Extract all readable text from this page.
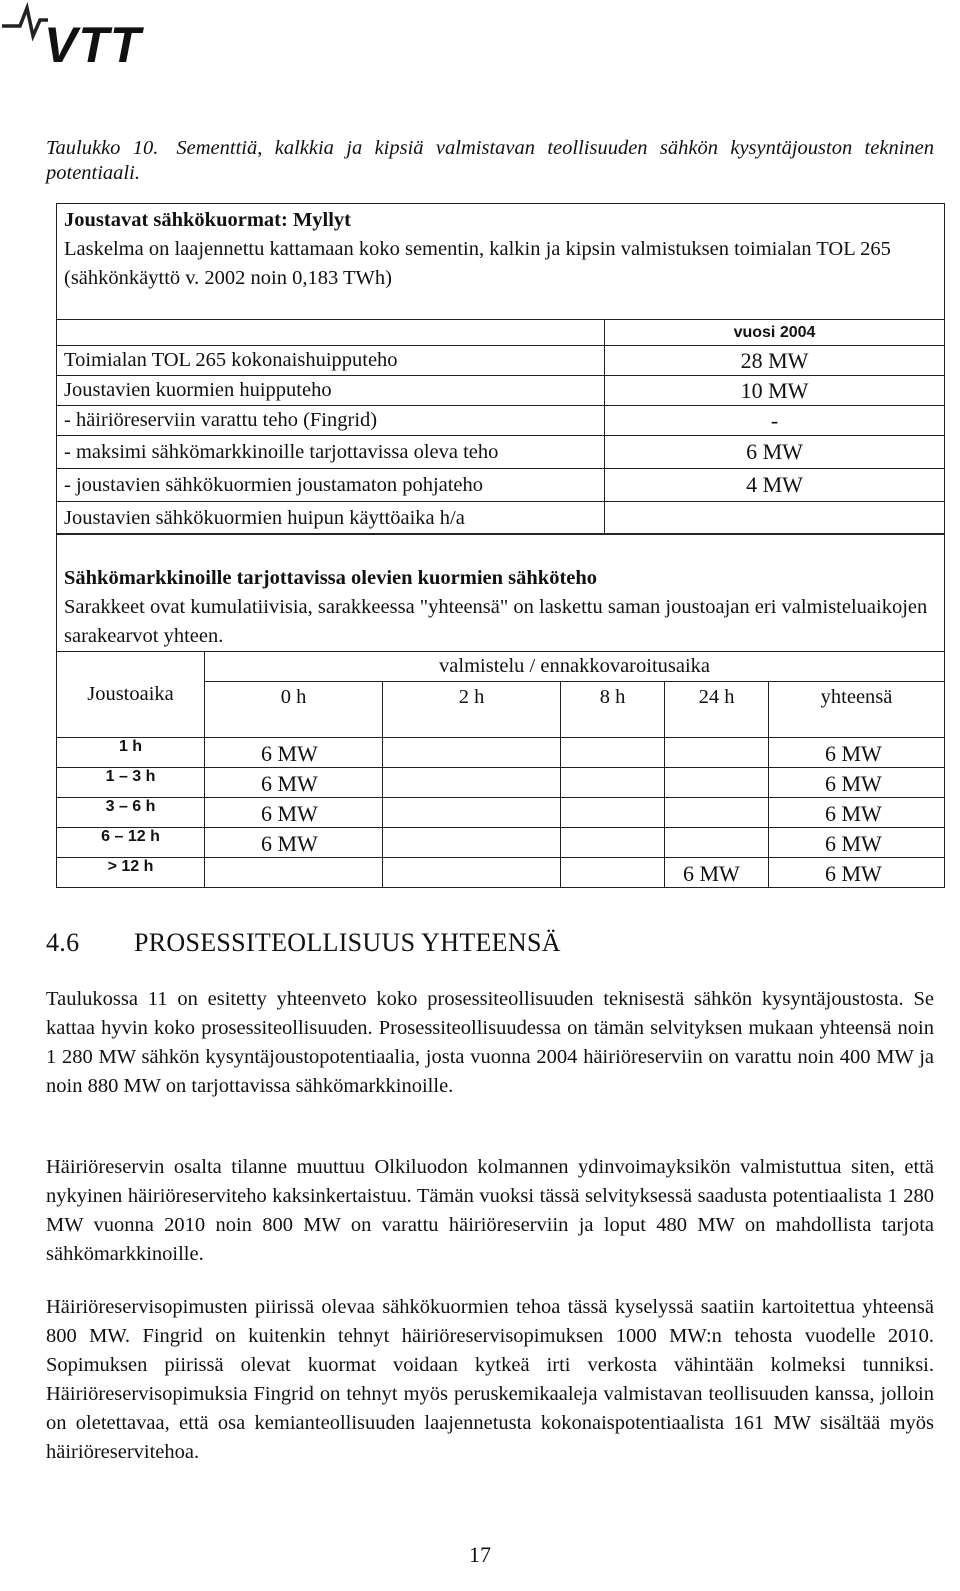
VTT
Taulukko 10. Sementtiä, kalkkia ja kipsiä valmistavan teollisuuden sähkön kysyntäjouston tekninen potentiaali.
Joustavat sähkökuormat: Myllyt
Laskelma on laajennettu kattamaan koko sementin, kalkin ja kipsin valmistuksen toimialan TOL 265 (sähkönkäyttö v. 2002 noin 0,183 TWh)	
	vuosi 2004
Toimialan TOL 265 kokonaishuipputeho	28 MW
Joustavien kuormien huipputeho	10 MW
- häiriöreserviin varattu teho (Fingrid)	-
- maksimi sähkömarkkinoille tarjottavissa oleva teho	6 MW
- joustavien sähkökuormien joustamaton pohjateho	4 MW
Joustavien sähkökuormien huipun käyttöaika h/a	
Sähkömarkkinoille tarjottavissa olevien kuormien sähköteho
Sarakkeet ovat kumulatiivisia, sarakkeessa "yhteensä" on laskettu saman joustoajan eri valmisteluaikojen sarakearvot yhteen.					
Joustoaika	valmistelu / ennakkovaroitusaika				
	0 h	2 h	8 h	24 h	yhteensä
1 h	6 MW				6 MW
1 – 3 h	6 MW				6 MW
3 – 6 h	6 MW				6 MW
6 – 12 h	6 MW				6 MW
> 12 h				6 MW	6 MW
4.6 PROSESSITEOLLISUUS YHTEENSÄ

Taulukossa 11 on esitetty yhteenveto koko prosessiteollisuuden teknisestä sähkön kysyntäjoustosta. Se kattaa hyvin koko prosessiteollisuuden. Prosessiteollisuudessa on tämän selvityksen mukaan yhteensä noin 1 280 MW sähkön kysyntäjoustopotentiaalia, josta vuonna 2004 häiriöreserviin on varattu noin 400 MW ja noin 880 MW on tarjottavissa sähkömarkkinoille.

Häiriöreservin osalta tilanne muuttuu Olkiluodon kolmannen ydinvoimayksikön valmistuttua siten, että nykyinen häiriöreserviteho kaksinkertaistuu. Tämän vuoksi tässä selvityksessä saadusta potentiaalista 1 280 MW vuonna 2010 noin 800 MW on varattu häiriöreserviin ja loput 480 MW on mahdollista tarjota sähkömarkkinoille.

Häiriöreservisopimusten piirissä olevaa sähkökuormien tehoa tässä kyselyssä saatiin kartoitettua yhteensä 800 MW. Fingrid on kuitenkin tehnyt häiriöreservisopimuksen 1000 MW:n tehosta vuodelle 2010. Sopimuksen piirissä olevat kuormat voidaan kytkeä irti verkosta vähintään kolmeksi tunniksi. Häiriöreservisopimuksia Fingrid on tehnyt myös peruskemikaaleja valmistavan teollisuuden kanssa, jolloin on oletettavaa, että osa kemianteollisuuden laajennetusta kokonaispotentiaalista 161 MW sisältää myös häiriöreservitehoa.

17
